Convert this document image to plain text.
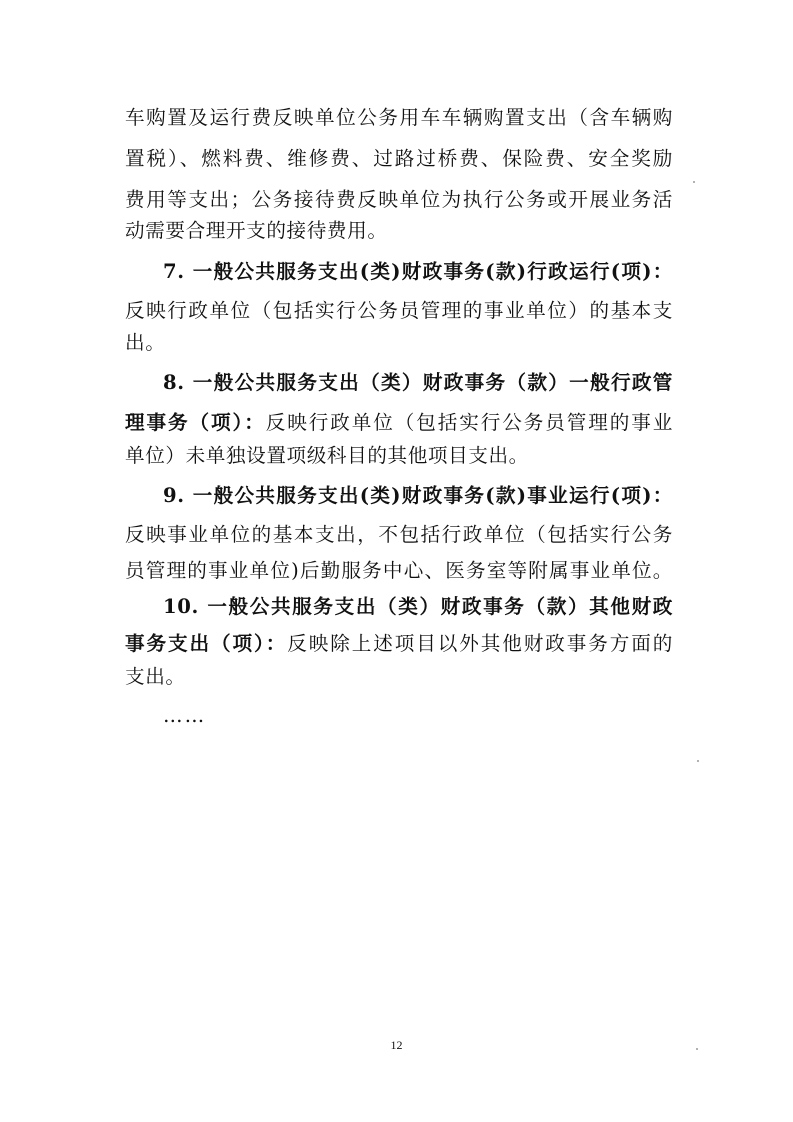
车购置及运行费反映单位公务用车车辆购置支出（含车辆购
置税）、燃料费、维修费、过路过桥费、保险费、安全奖励
费用等支出；公务接待费反映单位为执行公务或开展业务活
动需要合理开支的接待费用。
7. 一般公共服务支出(类)财政事务(款)行政运行(项)：
反映行政单位（包括实行公务员管理的事业单位）的基本支
出。
8. 一般公共服务支出（类）财政事务（款）一般行政管
理事务（项）：反映行政单位（包括实行公务员管理的事业
单位）未单独设置项级科目的其他项目支出。
9. 一般公共服务支出(类)财政事务(款)事业运行(项)：
反映事业单位的基本支出，不包括行政单位（包括实行公务
员管理的事业单位)后勤服务中心、医务室等附属事业单位。
10. 一般公共服务支出（类）财政事务（款）其他财政
事务支出（项）：反映除上述项目以外其他财政事务方面的
支出。
……
12
